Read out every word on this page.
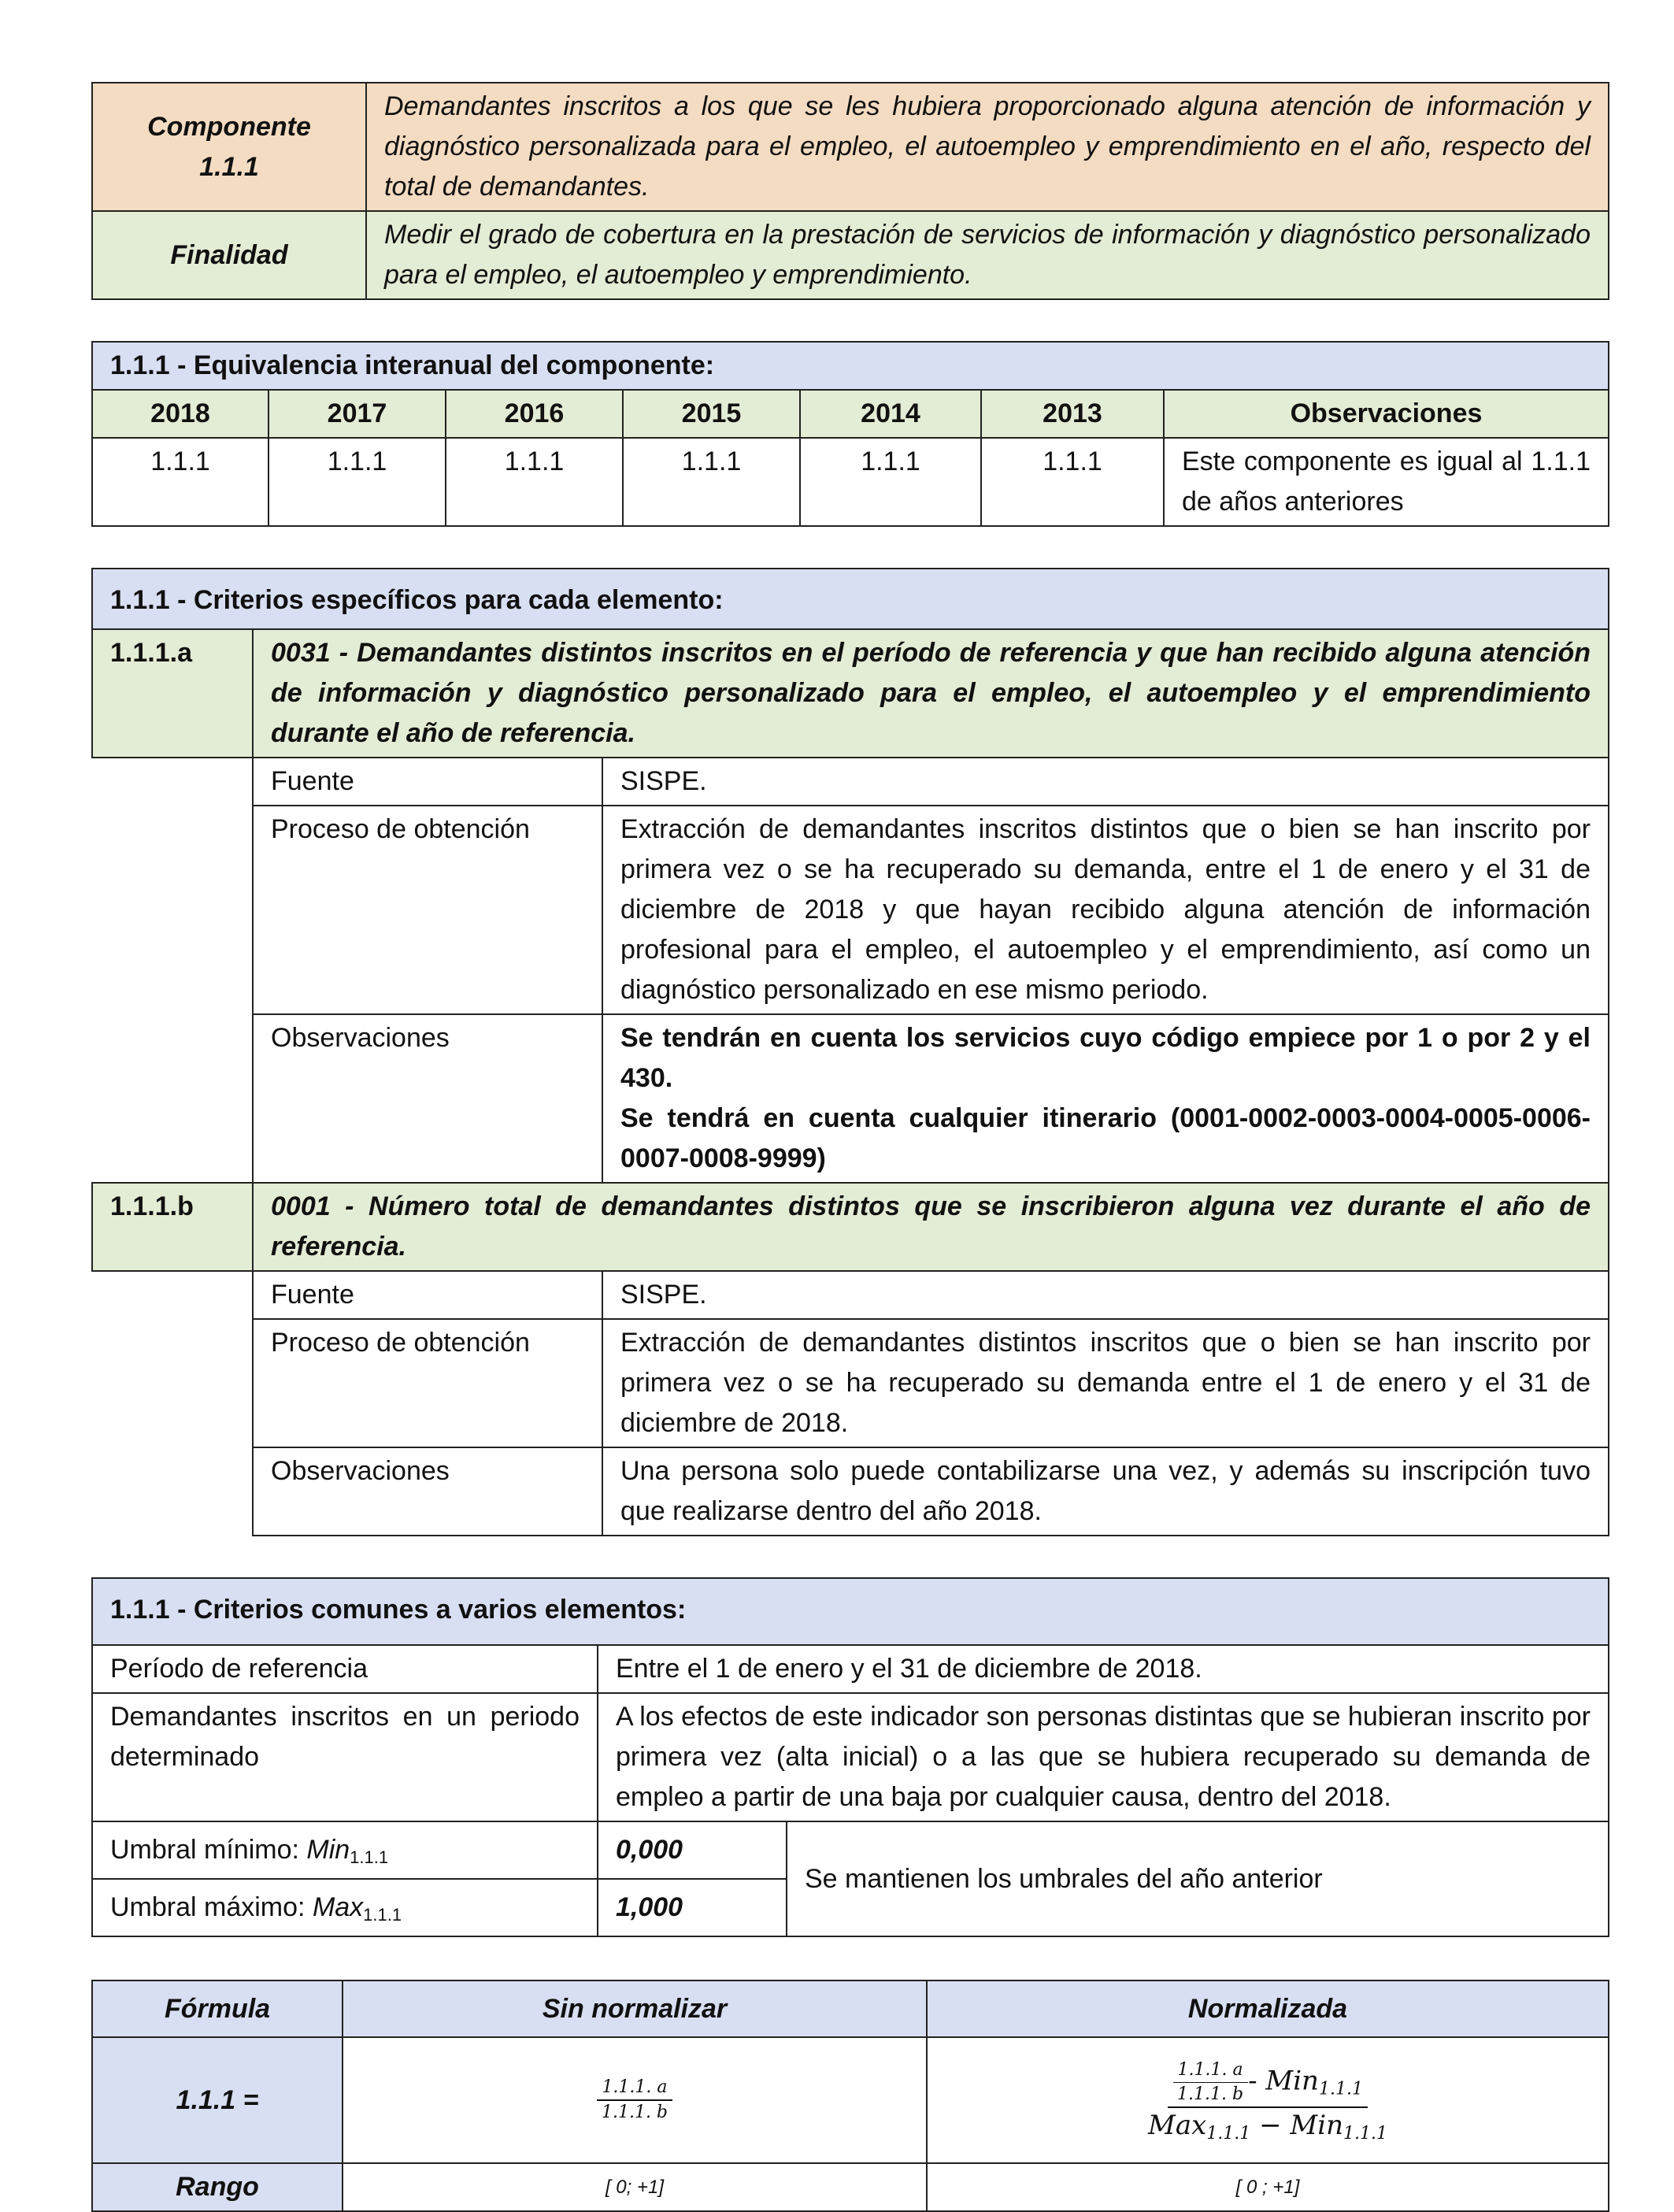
Componente 1.1.1	Demandantes inscritos a los que se les hubiera proporcionado alguna atención de información y diagnóstico personalizada para el empleo, el autoempleo y emprendimiento en el año, respecto del total de demandantes.
Finalidad	Medir el grado de cobertura en la prestación de servicios de información y diagnóstico personalizado para el empleo, el autoempleo y emprendimiento.
1.1.1 - Equivalencia interanual del componente:						
2018	2017	2016	2015	2014	2013	Observaciones
1.1.1	1.1.1	1.1.1	1.1.1	1.1.1	1.1.1	Este componente es igual al 1.1.1 de años anteriores
1.1.1 - Criterios específicos para cada elemento:		
1.1.1.a	0031 - Demandantes distintos inscritos en el período de referencia y que han recibido alguna atención de información y diagnóstico personalizado para el empleo, el autoempleo y el emprendimiento durante el año de referencia.	
	Fuente	SISPE.
	Proceso de obtención	Extracción de demandantes inscritos distintos que o bien se han inscrito por primera vez o se ha recuperado su demanda, entre el 1 de enero y el 31 de diciembre de 2018 y que hayan recibido alguna atención de información profesional para el empleo, el autoempleo y el emprendimiento, así como un diagnóstico personalizado en ese mismo periodo.
	Observaciones	Se tendrán en cuenta los servicios cuyo código empiece por 1 o por 2 y el 430.
Se tendrá en cuenta cualquier itinerario (0001-0002-0003-0004-0005-0006-0007-0008-9999)

1.1.1.b	0001 - Número total de demandantes distintos que se inscribieron alguna vez durante el año de referencia.	
	Fuente	SISPE.
	Proceso de obtención	Extracción de demandantes distintos inscritos que o bien se han inscrito por primera vez o se ha recuperado su demanda entre el 1 de enero y el 31 de diciembre de 2018.
	Observaciones	Una persona solo puede contabilizarse una vez, y además su inscripción tuvo que realizarse dentro del año 2018.
1.1.1 - Criterios comunes a varios elementos:		
Período de referencia	Entre el 1 de enero y el 31 de diciembre de 2018.	
Demandantes inscritos en un periodo determinado	A los efectos de este indicador son personas distintas que se hubieran inscrito por primera vez (alta inicial) o a las que se hubiera recuperado su demanda de empleo a partir de una baja por cualquier causa, dentro del 2018.	
Umbral mínimo: Min$_{1.1.1}$	0,000	Se mantienen los umbrales del año anterior
Umbral máximo: Max$_{1.1.1}$	1,000	
Fórmula	Sin normalizar	Normalizada
1.1.1 =	$\frac{1.1.1. a}{1.1.1. b}$	$\frac{\frac{1.1.1. a}{1.1.1. b} - Min_{1.1.1}}{Max_{1.1.1} - Min_{1.1.1}}$

Rango	[ 0; +1]	[ 0 ; +1]
